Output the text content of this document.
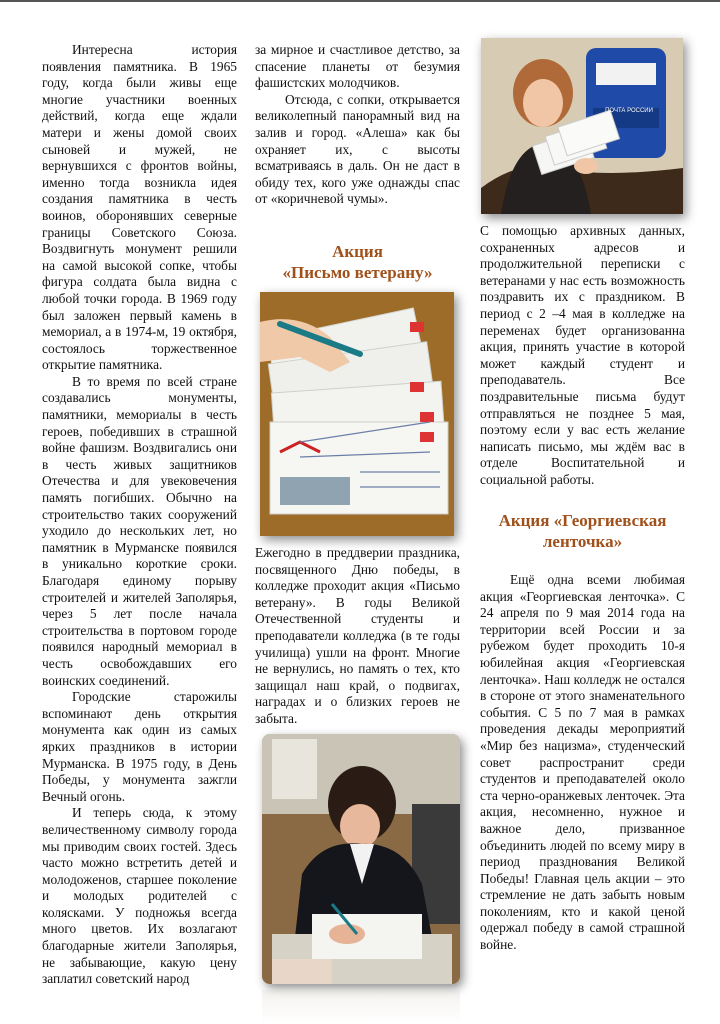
Интересна история появления памятника. В 1965 году, когда были живы еще многие участники военных действий, когда еще ждали матери и жены домой своих сыновей и мужей, не вернувшихся с фронтов войны, именно тогда возникла идея создания памятника в честь воинов, оборонявших северные границы Советского Союза. Воздвигнуть монумент решили на самой высокой сопке, чтобы фигура солдата была видна с любой точки города. В 1969 году был заложен первый камень в мемориал, а в 1974-м, 19 октября, состоялось торжественное открытие памятника.

В то время по всей стране создавались монументы, памятники, мемориалы в честь героев, победивших в страшной войне фашизм. Воздвигались они в честь живых защитников Отечества и для увековечения память погибших. Обычно на строительство таких сооружений уходило до нескольких лет, но памятник в Мурманске появился в уникально короткие сроки. Благодаря единому порыву строителей и жителей Заполярья, через 5 лет после начала строительства в портовом городе появился народный мемориал в честь освобождавших его воинских соединений.

Городские старожилы вспоминают день открытия монумента как один из самых ярких праздников в истории Мурманска. В 1975 году, в День Победы, у монумента зажгли Вечный огонь.

И теперь сюда, к этому величественному символу города мы приводим своих гостей. Здесь часто можно встретить детей и молодоженов, старшее поколение и молодых родителей с колясками. У подножья всегда много цветов. Их возлагают благодарные жители Заполярья, не забывающие, какую цену заплатил советский народ

за мирное и счастливое детство, за спасение планеты от безумия фашистских молодчиков.

Отсюда, с сопки, открывается великолепный панорамный вид на залив и город. «Алеша» как бы охраняет их, с высоты всматриваясь в даль. Он не даст в обиду тех, кого уже однажды спас от «коричневой чумы».

Акция
«Письмо ветерану»

Ежегодно в преддверии праздника, посвященного Дню победы, в колледже проходит акция «Письмо ветерану». В годы Великой Отечественной студенты и преподаватели колледжа (в те годы училища) ушли на фронт. Многие не вернулись, но память о тех, кто защищал наш край, о подвигах, наградах и о близких героев не забыта.

ПОЧТА РОССИИ

С помощью архивных данных, сохраненных адресов и продолжительной переписки с ветеранами у нас есть возможность поздравить их с праздником. В период с 2 –4 мая в колледже на переменах будет организованна акция, принять участие в которой может каждый студент и преподаватель. Все поздравительные письма будут отправляться не позднее 5 мая, поэтому если у вас есть желание написать письмо, мы ждём вас в отделе Воспитательной и социальной работы.

Акция «Георгиевская
ленточка»

Ещё одна всеми любимая акция «Георгиевская ленточка». С 24 апреля по 9 мая 2014 года на территории всей России и за рубежом будет проходить 10-я юбилейная акция «Георгиевская ленточка». Наш колледж не остался в стороне от этого знаменательного события. С 5 по 7 мая в рамках проведения декады мероприятий «Мир без нацизма», студенческий совет распространит среди студентов и преподавателей около ста черно-оранжевых ленточек. Эта акция, несомненно, нужное и важное дело, призванное объединить людей по всему миру в период празднования Великой Победы! Главная цель акции – это стремление не дать забыть новым поколениям, кто и какой ценой одержал победу в самой страшной войне.
